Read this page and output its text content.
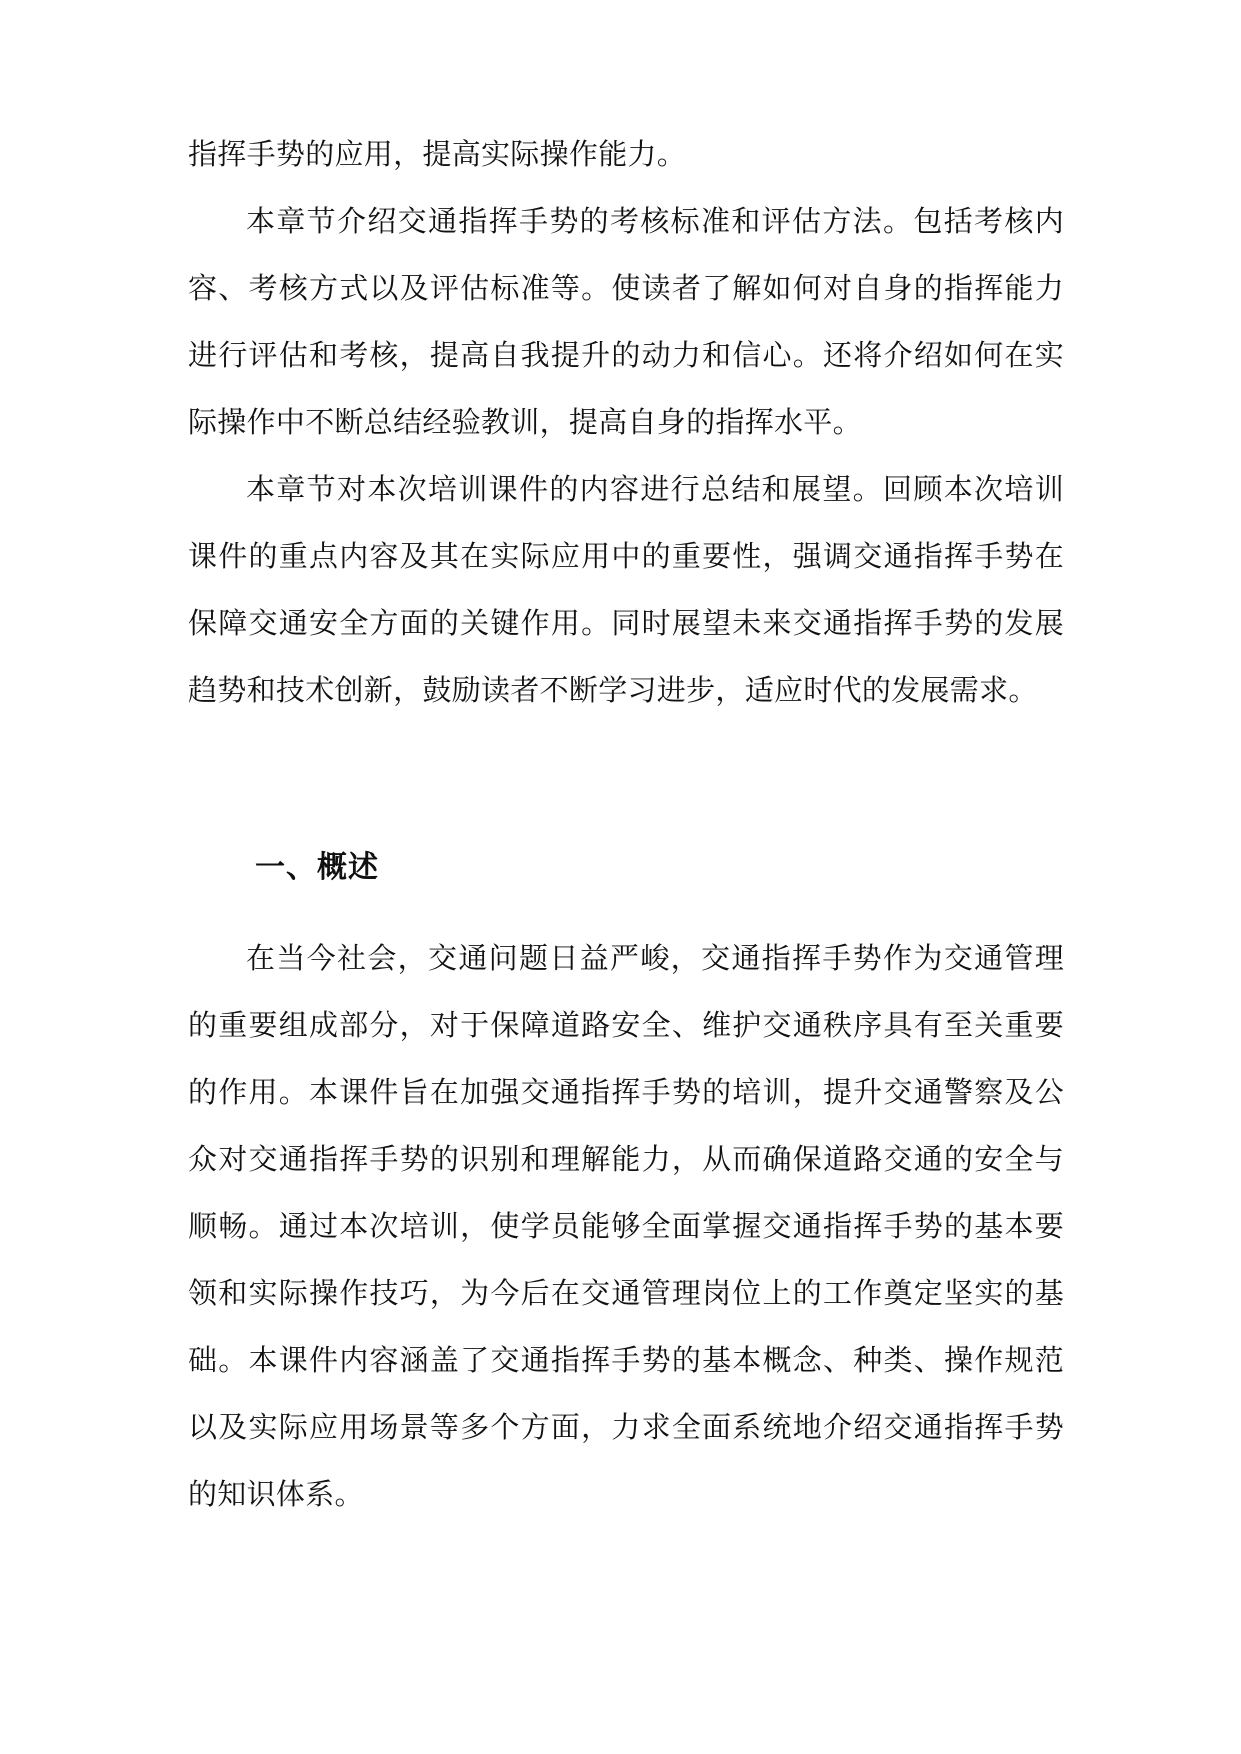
指挥手势的应用，提高实际操作能力。

本章节介绍交通指挥手势的考核标准和评估方法。包括考核内容、考核方式以及评估标准等。使读者了解如何对自身的指挥能力进行评估和考核，提高自我提升的动力和信心。还将介绍如何在实际操作中不断总结经验教训，提高自身的指挥水平。

本章节对本次培训课件的内容进行总结和展望。回顾本次培训课件的重点内容及其在实际应用中的重要性，强调交通指挥手势在保障交通安全方面的关键作用。同时展望未来交通指挥手势的发展趋势和技术创新，鼓励读者不断学习进步，适应时代的发展需求。

一、概述

在当今社会，交通问题日益严峻，交通指挥手势作为交通管理的重要组成部分，对于保障道路安全、维护交通秩序具有至关重要的作用。本课件旨在加强交通指挥手势的培训，提升交通警察及公众对交通指挥手势的识别和理解能力，从而确保道路交通的安全与顺畅。通过本次培训，使学员能够全面掌握交通指挥手势的基本要领和实际操作技巧，为今后在交通管理岗位上的工作奠定坚实的基础。本课件内容涵盖了交通指挥手势的基本概念、种类、操作规范以及实际应用场景等多个方面，力求全面系统地介绍交通指挥手势的知识体系。
